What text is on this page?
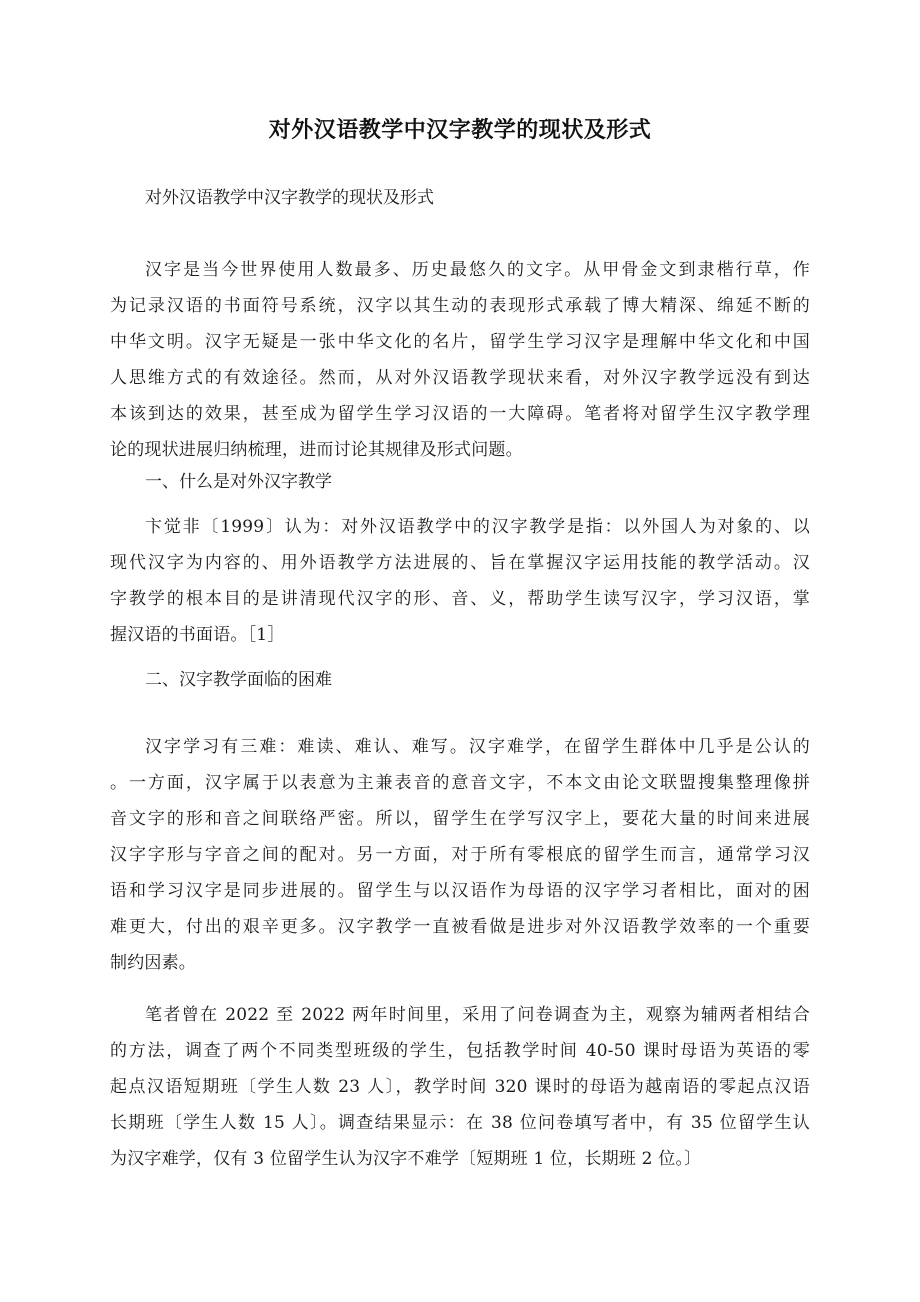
对外汉语教学中汉字教学的现状及形式
对外汉语教学中汉字教学的现状及形式
汉字是当今世界使用人数最多、历史最悠久的文字。从甲骨金文到隶楷行草，作
为记录汉语的书面符号系统，汉字以其生动的表现形式承载了博大精深、绵延不断的
中华文明。汉字无疑是一张中华文化的名片，留学生学习汉字是理解中华文化和中国
人思维方式的有效途径。然而，从对外汉语教学现状来看，对外汉字教学远没有到达
本该到达的效果，甚至成为留学生学习汉语的一大障碍。笔者将对留学生汉字教学理
论的现状进展归纳梳理，进而讨论其规律及形式问题。
一、什么是对外汉字教学
卞觉非〔1999〕认为：对外汉语教学中的汉字教学是指：以外国人为对象的、以
现代汉字为内容的、用外语教学方法进展的、旨在掌握汉字运用技能的教学活动。汉
字教学的根本目的是讲清现代汉字的形、音、义，帮助学生读写汉字，学习汉语，掌
握汉语的书面语。［1］
二、汉字教学面临的困难
汉字学习有三难：难读、难认、难写。汉字难学，在留学生群体中几乎是公认的
。一方面，汉字属于以表意为主兼表音的意音文字，不本文由论文联盟搜集整理像拼
音文字的形和音之间联络严密。所以，留学生在学写汉字上，要花大量的时间来进展
汉字字形与字音之间的配对。另一方面，对于所有零根底的留学生而言，通常学习汉
语和学习汉字是同步进展的。留学生与以汉语作为母语的汉字学习者相比，面对的困
难更大，付出的艰辛更多。汉字教学一直被看做是进步对外汉语教学效率的一个重要
制约因素。
笔者曾在 2022 至 2022 两年时间里，采用了问卷调查为主，观察为辅两者相结合
的方法，调查了两个不同类型班级的学生，包括教学时间 40-50 课时母语为英语的零
起点汉语短期班〔学生人数 23 人〕，教学时间 320 课时的母语为越南语的零起点汉语
长期班〔学生人数 15 人〕。调查结果显示：在 38 位问卷填写者中，有 35 位留学生认
为汉字难学，仅有 3 位留学生认为汉字不难学〔短期班 1 位，长期班 2 位。〕
